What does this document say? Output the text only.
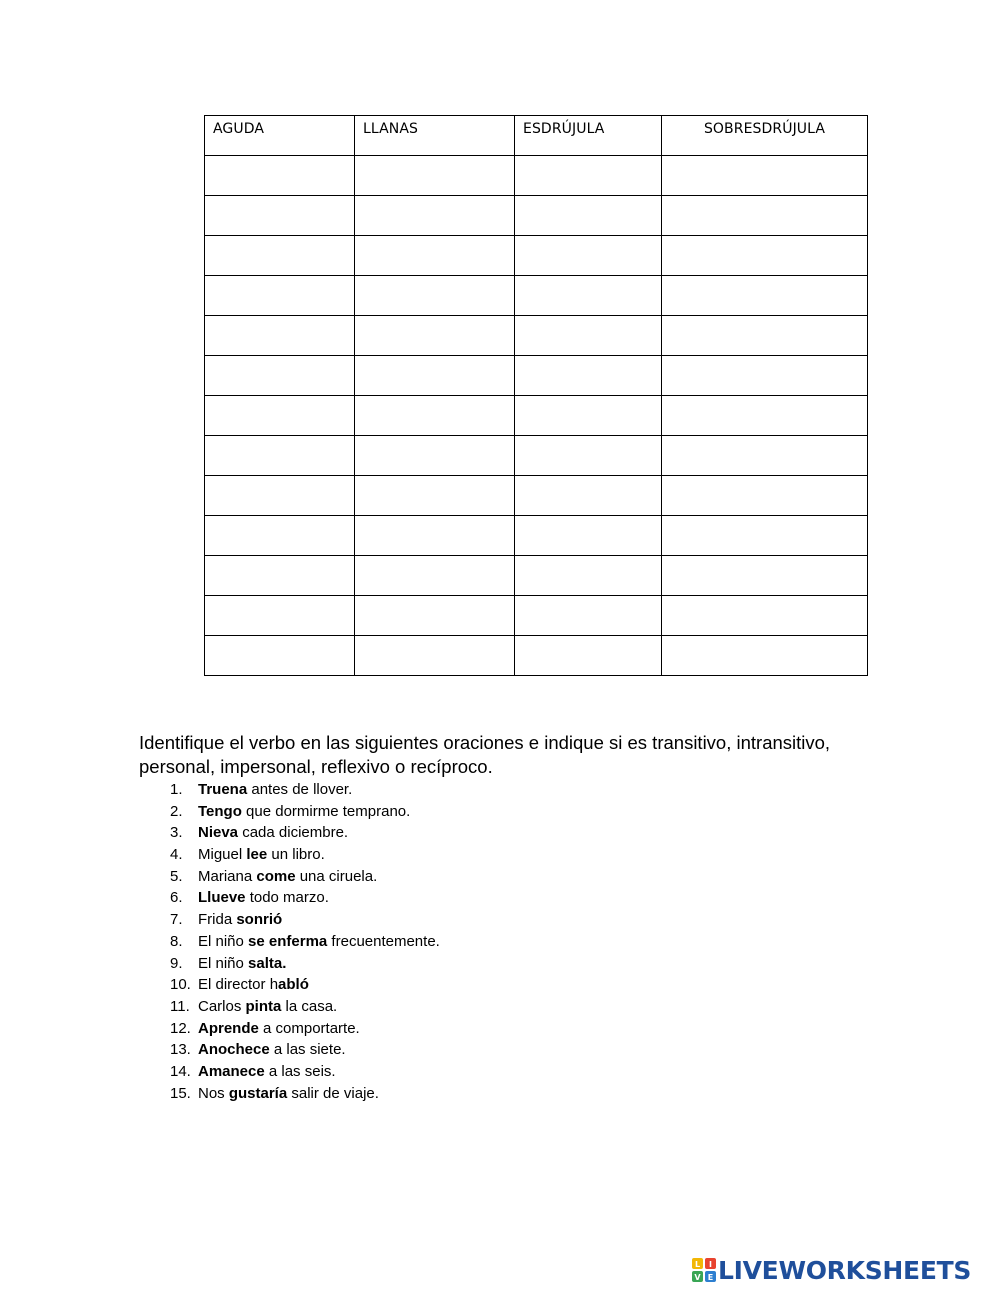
AGUDA	LLANAS	ESDRÚJULA	SOBRESDRÚJULA

Identifique el verbo en las siguientes oraciones e indique si es transitivo, intransitivo, personal, impersonal, reflexivo o recíproco.

1. Truena antes de llover.
2. Tengo que dormirme temprano.
3. Nieva cada diciembre.
4. Miguel lee un libro.
5. Mariana come una ciruela.
6. Llueve todo marzo.
7. Frida sonrió
8. El niño se enferma frecuentemente.
9. El niño salta.
10. El director habló
11. Carlos pinta la casa.
12. Aprende a comportarte.
13. Anochece a las siete.
14. Amanece a las seis.
15. Nos gustaría salir de viaje.
L I
V E LIVEWORKSHEETS
